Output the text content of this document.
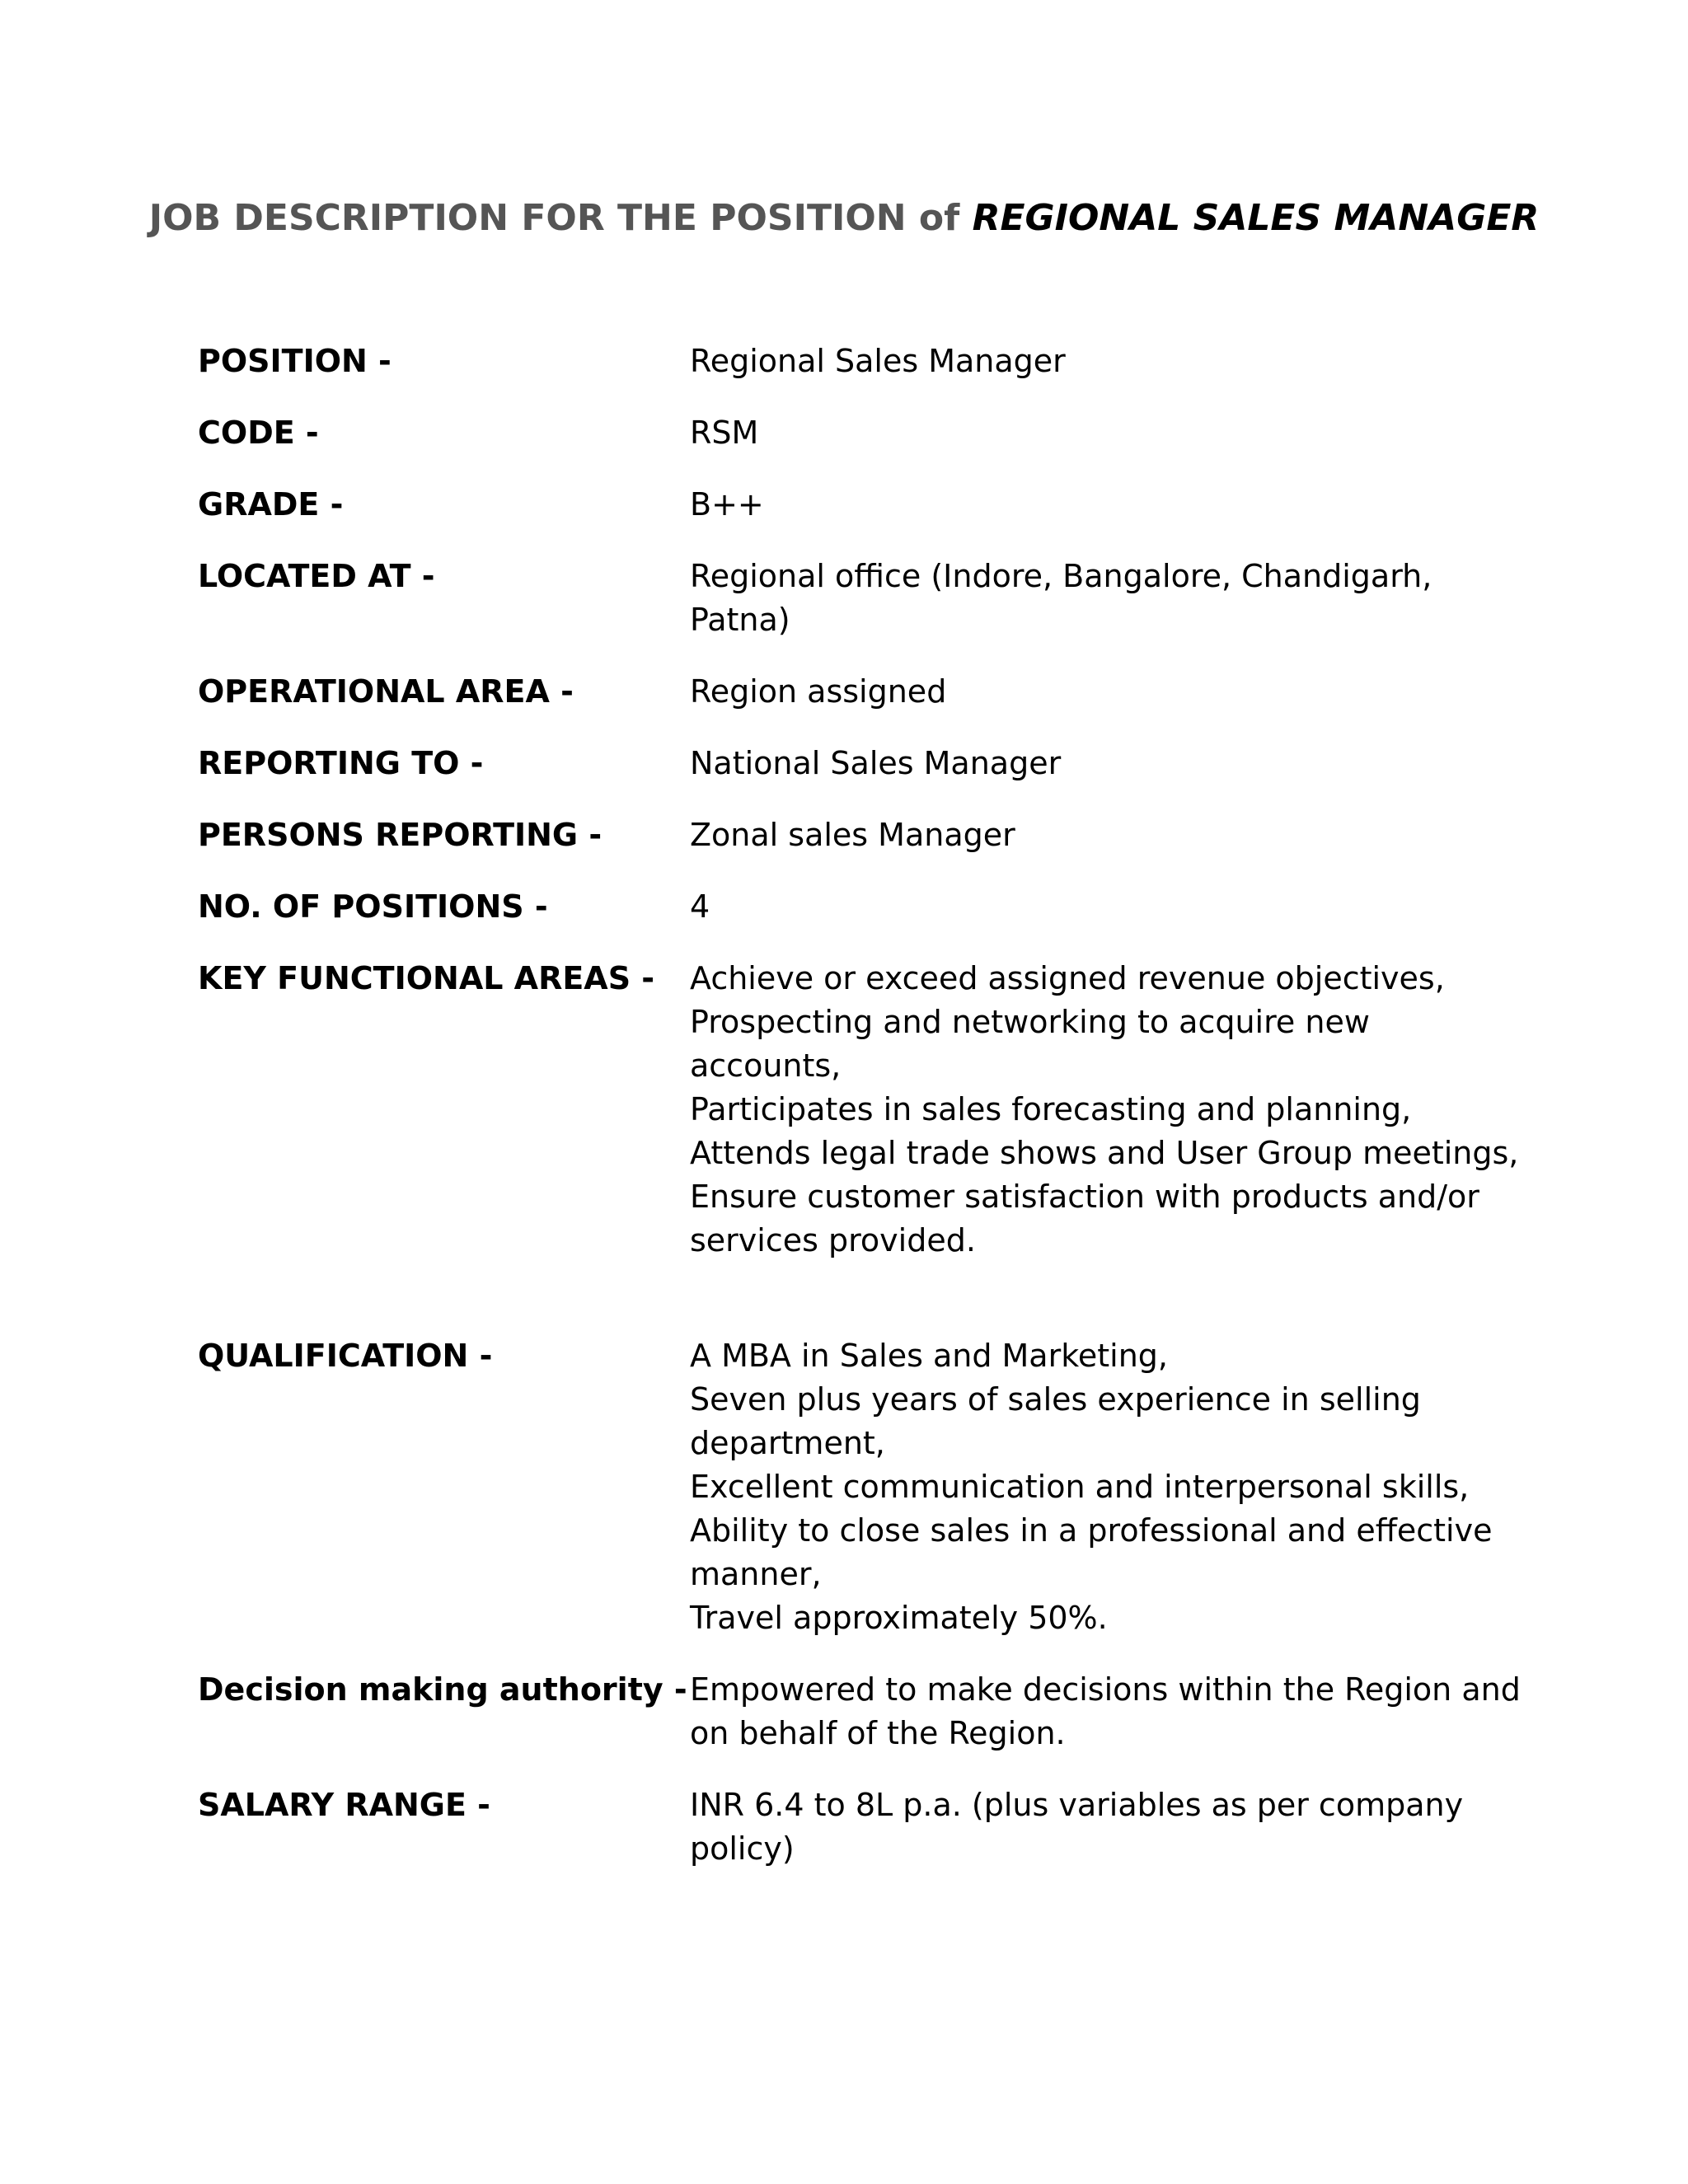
JOB DESCRIPTION FOR THE POSITION of REGIONAL SALES MANAGER
POSITION -	Regional Sales Manager
CODE -	RSM
GRADE -	B++
LOCATED AT -	Regional office (Indore, Bangalore, Chandigarh,
Patna)
OPERATIONAL AREA -	Region assigned
REPORTING TO -	National Sales Manager
PERSONS REPORTING -	Zonal sales Manager
NO. OF POSITIONS -	4
KEY FUNCTIONAL AREAS -	Achieve or exceed assigned revenue objectives,
Prospecting and networking to acquire new
accounts,
Participates in sales forecasting and planning,
Attends legal trade shows and User Group meetings,
Ensure customer satisfaction with products and/or
services provided.
QUALIFICATION -	A MBA in Sales and Marketing,
Seven plus years of sales experience in selling
department,
Excellent communication and interpersonal skills,
Ability to close sales in a professional and effective
manner,
Travel approximately 50%.
Decision making authority - Empowered to make decisions within the Region and
on behalf of the Region.
SALARY RANGE -	INR 6.4 to 8L p.a. (plus variables as per company
policy)
